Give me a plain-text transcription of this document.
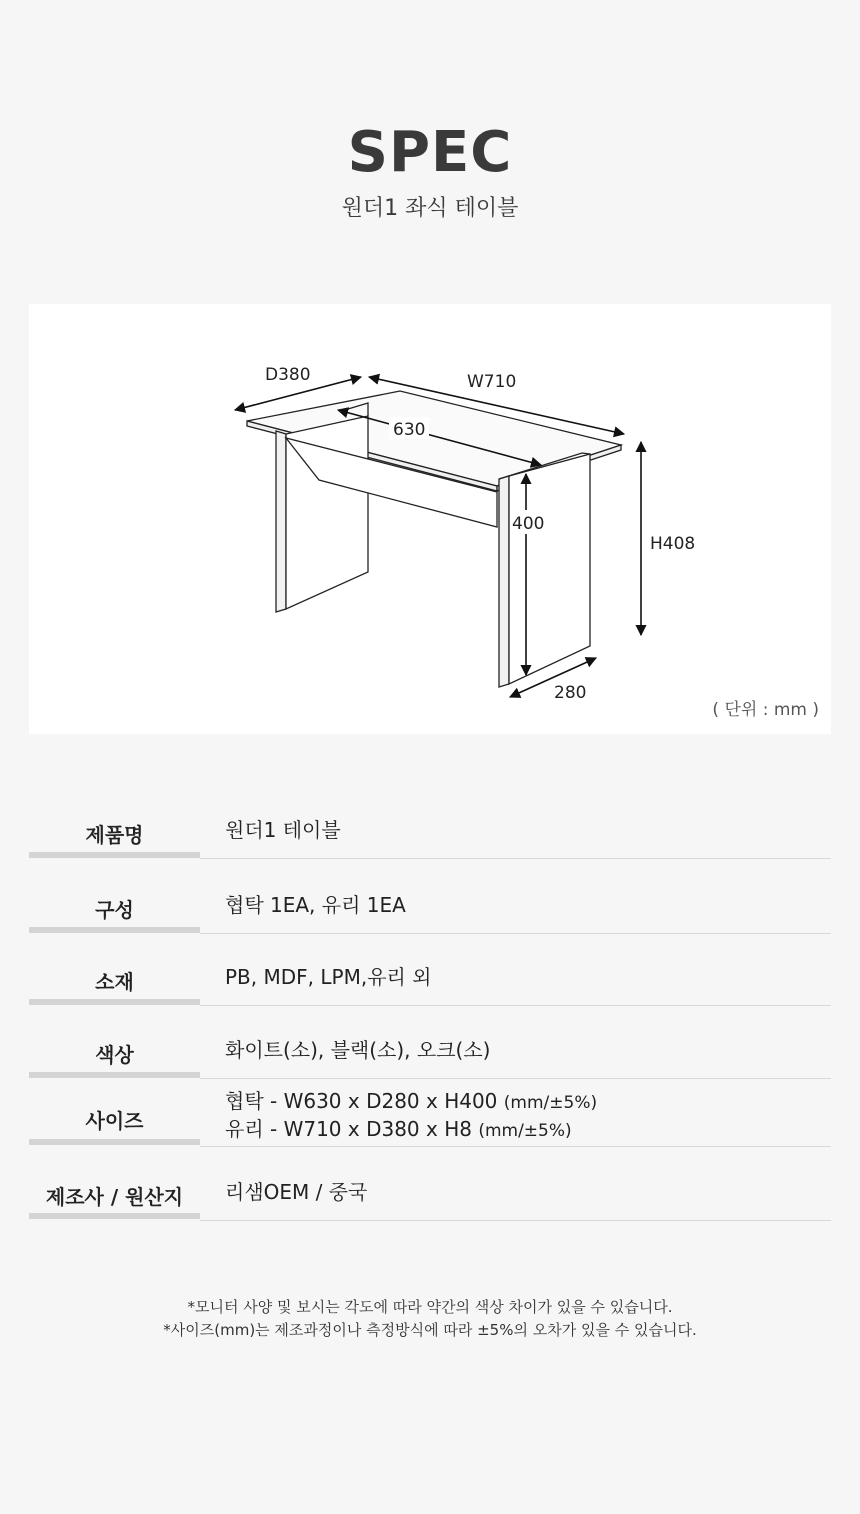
SPEC
원더1 좌식 테이블
D380	W710
630
400
H408
280
( 단위 : mm )
제품명	원더1 테이블
구성	협탁 1EA, 유리 1EA
소재	PB, MDF, LPM,유리 외
색상	화이트(소), 블랙(소), 오크(소)
사이즈
협탁 - W630 x D280 x H400 (mm/±5%)
유리 - W710 x D380 x H8 (mm/±5%)
제조사 / 원산지	리샘OEM / 중국
*모니터 사양 및 보시는 각도에 따라 약간의 색상 차이가 있을 수 있습니다.
*사이즈(mm)는 제조과정이나 측정방식에 따라 ±5%의 오차가 있을 수 있습니다.
